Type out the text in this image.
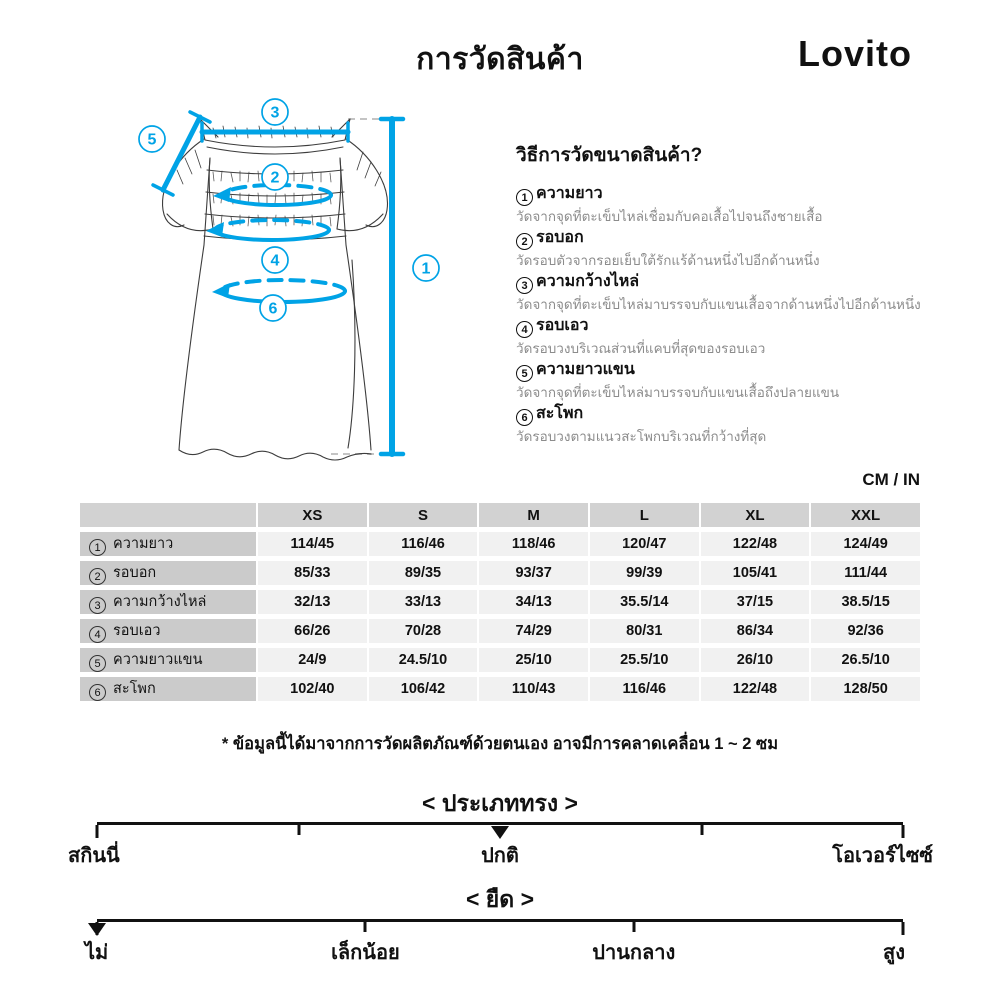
การวัดสินค้า	Lovito
3
5
2
4
6
1
วิธีการวัดขนาดสินค้า?
1 ความยาว
วัดจากจุดที่ตะเข็บไหล่เชื่อมกับคอเสื้อไปจนถึงชายเสื้อ
2 รอบอก
วัดรอบตัวจากรอยเย็บใต้รักแร้ด้านหนึ่งไปอีกด้านหนึ่ง
3 ความกว้างไหล่
วัดจากจุดที่ตะเข็บไหล่มาบรรจบกับแขนเสื้อจากด้านหนึ่งไปอีกด้านหนึ่ง
4 รอบเอว
วัดรอบวงบริเวณส่วนที่แคบที่สุดของรอบเอว
5 ความยาวแขน
วัดจากจุดที่ตะเข็บไหล่มาบรรจบกับแขนเสื้อถึงปลายแขน
6 สะโพก
วัดรอบวงตามแนวสะโพกบริเวณที่กว้างที่สุด
CM / IN
	XS	S	M	L	XL	XXL
1 ความยาว	114/45	116/46	118/46	120/47	122/48	124/49
2 รอบอก	85/33	89/35	93/37	99/39	105/41	111/44
3 ความกว้างไหล่	32/13	33/13	34/13	35.5/14	37/15	38.5/15
4 รอบเอว	66/26	70/28	74/29	80/31	86/34	92/36
5 ความยาวแขน	24/9	24.5/10	25/10	25.5/10	26/10	26.5/10
6 สะโพก	102/40	106/42	110/43	116/46	122/48	128/50
* ข้อมูลนี้ได้มาจากการวัดผลิตภัณฑ์ด้วยตนเอง อาจมีการคลาดเคลื่อน 1 ~ 2 ซม
< ประเภททรง >
สกินนี่	ปกติ	โอเวอร์ไซซ์
< ยืด >
ไม่	เล็กน้อย	ปานกลาง	สูง
